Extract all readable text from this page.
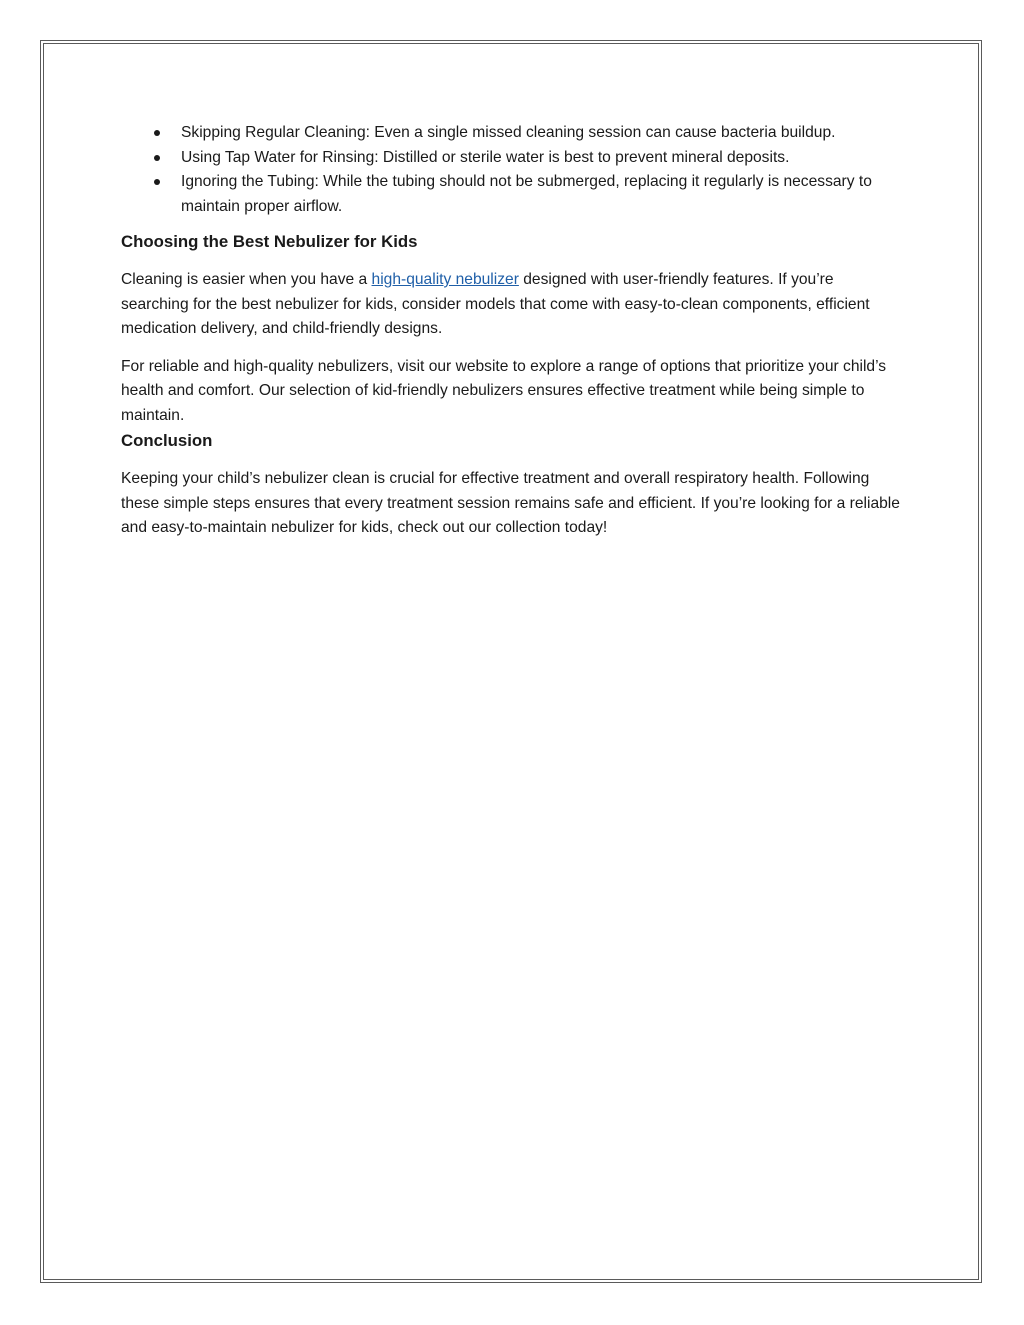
Skipping Regular Cleaning: Even a single missed cleaning session can cause bacteria buildup.
Using Tap Water for Rinsing: Distilled or sterile water is best to prevent mineral deposits.
Ignoring the Tubing: While the tubing should not be submerged, replacing it regularly is necessary to maintain proper airflow.
Choosing the Best Nebulizer for Kids

Cleaning is easier when you have a high-quality nebulizer designed with user-friendly features. If you’re searching for the best nebulizer for kids, consider models that come with easy-to-clean components, efficient medication delivery, and child-friendly designs.

For reliable and high-quality nebulizers, visit our website to explore a range of options that prioritize your child’s health and comfort. Our selection of kid-friendly nebulizers ensures effective treatment while being simple to maintain.

Conclusion

Keeping your child’s nebulizer clean is crucial for effective treatment and overall respiratory health. Following these simple steps ensures that every treatment session remains safe and efficient. If you’re looking for a reliable and easy-to-maintain nebulizer for kids, check out our collection today!
